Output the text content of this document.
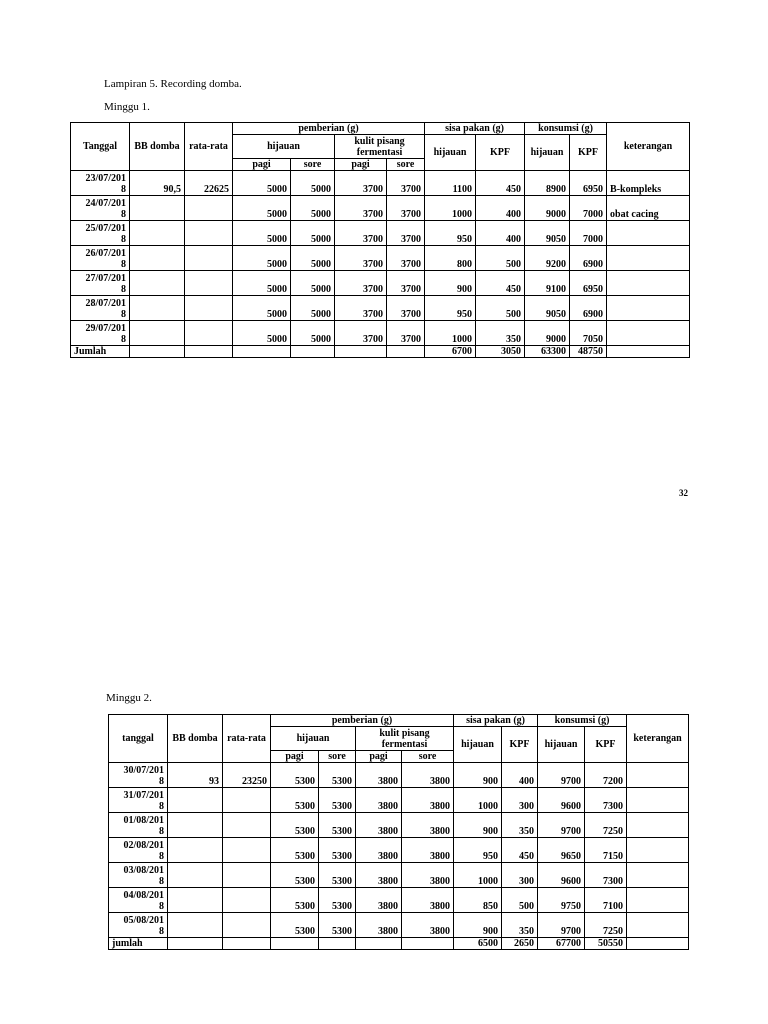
Lampiran 5. Recording domba.
Minggu 1.
Tanggal	BB domba	rata-rata	pemberian (g)				sisa pakan (g)		konsumsi (g)		keterangan
			hijauan		kulit pisang fermentasi		hijauan	KPF	hijauan	KPF	
			pagi	sore	pagi	sore					

23/07/201
8	90,5	22625	5000	5000	3700	3700	1100	450	8900	6950	B-kompleks

24/07/201
8			5000	5000	3700	3700	1000	400	9000	7000	obat cacing

25/07/201
8			5000	5000	3700	3700	950	400	9050	7000	

26/07/201
8			5000	5000	3700	3700	800	500	9200	6900	

27/07/201
8			5000	5000	3700	3700	900	450	9100	6950	

28/07/201
8			5000	5000	3700	3700	950	500	9050	6900	

29/07/201
8			5000	5000	3700	3700	1000	350	9000	7050	
Jumlah							6700	3050	63300	48750	
32
Minggu 2.
tanggal	BB domba	rata-rata	pemberian (g)				sisa pakan (g)		konsumsi (g)		keterangan
			hijauan		kulit pisang fermentasi		hijauan	KPF	hijauan	KPF	
			pagi	sore	pagi	sore					

30/07/201
8	93	23250	5300	5300	3800	3800	900	400	9700	7200	

31/07/201
8			5300	5300	3800	3800	1000	300	9600	7300	

01/08/201
8			5300	5300	3800	3800	900	350	9700	7250	

02/08/201
8			5300	5300	3800	3800	950	450	9650	7150	

03/08/201
8			5300	5300	3800	3800	1000	300	9600	7300	

04/08/201
8			5300	5300	3800	3800	850	500	9750	7100	

05/08/201
8			5300	5300	3800	3800	900	350	9700	7250	
jumlah							6500	2650	67700	50550	
